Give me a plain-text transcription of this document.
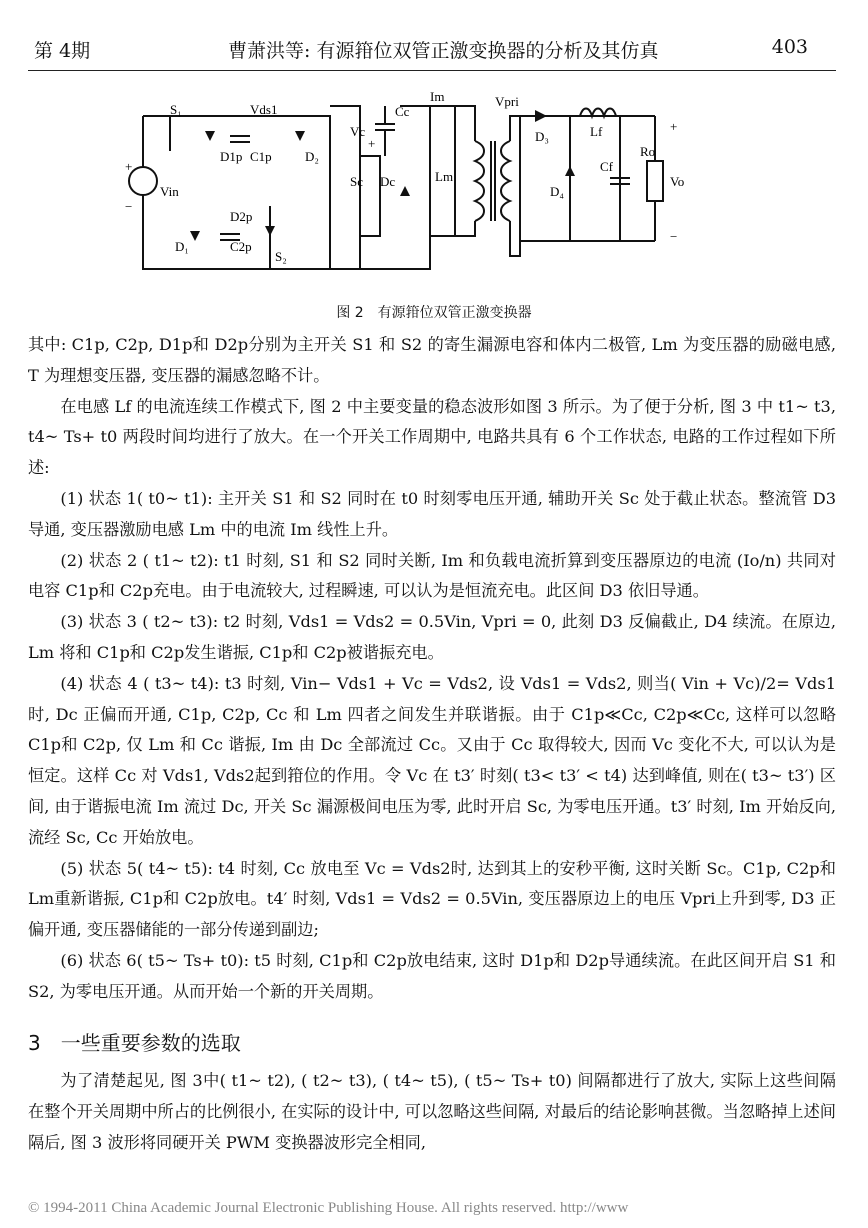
第 4期	曹萧洪等: 有源箝位双管正激变换器的分析及其仿真	403
S₁	Vds1	Cc
Im	Vpri
D₃	Lf	+
D1p C1p	D₂
Vc
Lm
Cf
Ro
Vo
Vin
Sc Dc
D₄
D2p
C2p
S₂
D₁
−
+
−
+
图 2　有源箝位双管正激变换器

其中: C1p, C2p, D1p和 D2p分别为主开关 S1 和 S2 的寄生漏源电容和体内二极管, Lm 为变压器的励磁电感, T 为理想变压器, 变压器的漏感忽略不计。

在电感 Lf 的电流连续工作模式下, 图 2 中主要变量的稳态波形如图 3 所示。为了便于分析, 图 3 中 t1~ t3, t4~ Ts+ t0 两段时间均进行了放大。在一个开关工作周期中, 电路共具有 6 个工作状态, 电路的工作过程如下所述:

(1) 状态 1( t0~ t1): 主开关 S1 和 S2 同时在 t0 时刻零电压开通, 辅助开关 Sc 处于截止状态。整流管 D3 导通, 变压器激励电感 Lm 中的电流 Im 线性上升。

(2) 状态 2 ( t1~ t2): t1 时刻, S1 和 S2 同时关断, Im 和负载电流折算到变压器原边的电流 (Io/n) 共同对电容 C1p和 C2p充电。由于电流较大, 过程瞬速, 可以认为是恒流充电。此区间 D3 依旧导通。

(3) 状态 3 ( t2~ t3): t2 时刻, Vds1 = Vds2 = 0.5Vin, Vpri = 0, 此刻 D3 反偏截止, D4 续流。在原边, Lm 将和 C1p和 C2p发生谐振, C1p和 C2p被谐振充电。

(4) 状态 4 ( t3~ t4): t3 时刻, Vin− Vds1 + Vc = Vds2, 设 Vds1 = Vds2, 则当( Vin + Vc)/2= Vds1 时, Dc 正偏而开通, C1p, C2p, Cc 和 Lm 四者之间发生并联谐振。由于 C1p≪Cc, C2p≪Cc, 这样可以忽略 C1p和 C2p, 仅 Lm 和 Cc 谐振, Im 由 Dc 全部流过 Cc。又由于 Cc 取得较大, 因而 Vc 变化不大, 可以认为是恒定。这样 Cc 对 Vds1, Vds2起到箝位的作用。令 Vc 在 t3′ 时刻( t3< t3′ < t4) 达到峰值, 则在( t3~ t3′) 区间, 由于谐振电流 Im 流过 Dc, 开关 Sc 漏源极间电压为零, 此时开启 Sc, 为零电压开通。t3′ 时刻, Im 开始反向, 流经 Sc, Cc 开始放电。

(5) 状态 5( t4~ t5): t4 时刻, Cc 放电至 Vc = Vds2时, 达到其上的安秒平衡, 这时关断 Sc。C1p, C2p和 Lm重新谐振, C1p和 C2p放电。t4′ 时刻, Vds1 = Vds2 = 0.5Vin, 变压器原边上的电压 Vpri上升到零, D3 正偏开通, 变压器储能的一部分传递到副边;

(6) 状态 6( t5~ Ts+ t0): t5 时刻, C1p和 C2p放电结束, 这时 D1p和 D2p导通续流。在此区间开启 S1 和 S2, 为零电压开通。从而开始一个新的开关周期。

3　一些重要参数的选取

为了清楚起见, 图 3中( t1~ t2), ( t2~ t3), ( t4~ t5), ( t5~ Ts+ t0) 间隔都进行了放大, 实际上这些间隔在整个开关周期中所占的比例很小, 在实际的设计中, 可以忽略这些间隔, 对最后的结论影响甚微。当忽略掉上述间隔后, 图 3 波形将同硬开关 PWM 变换器波形完全相同,

© 1994-2011 China Academic Journal Electronic Publishing House. All rights reserved. http://www
